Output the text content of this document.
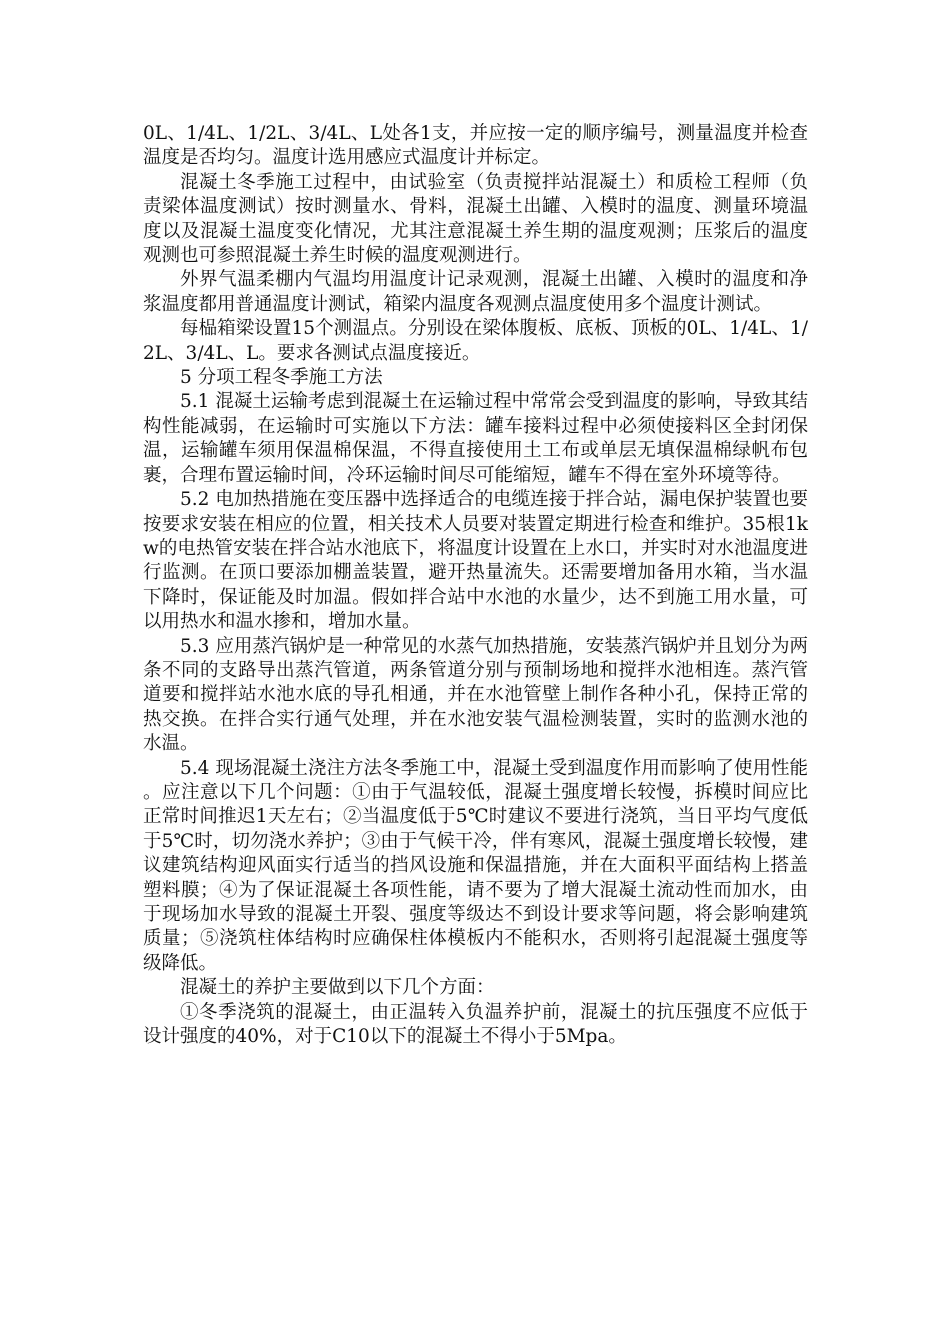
0L、1/4L、1/2L、3/4L、L处各1支，并应按一定的顺序编号，测量温度并检查温度是否均匀。温度计选用感应式温度计并标定。

混凝土冬季施工过程中，由试验室（负责搅拌站混凝土）和质检工程师（负责梁体温度测试）按时测量水、骨料，混凝土出罐、入模时的温度、测量环境温度以及混凝土温度变化情况，尤其注意混凝土养生期的温度观测；压浆后的温度观测也可参照混凝土养生时候的温度观测进行。

外界气温柔棚内气温均用温度计记录观测，混凝土出罐、入模时的温度和净浆温度都用普通温度计测试，箱梁内温度各观测点温度使用多个温度计测试。

每榀箱梁设置15个测温点。分别设在梁体腹板、底板、顶板的0L、1/4L、1/2L、3/4L、L。要求各测试点温度接近。

5 分项工程冬季施工方法

5.1 混凝土运输考虑到混凝土在运输过程中常常会受到温度的影响，导致其结构性能减弱，在运输时可实施以下方法：罐车接料过程中必须使接料区全封闭保温，运输罐车须用保温棉保温，不得直接使用土工布或单层无填保温棉绿帆布包裹，合理布置运输时间，冷环运输时间尽可能缩短，罐车不得在室外环境等待。

5.2 电加热措施在变压器中选择适合的电缆连接于拌合站，漏电保护装置也要按要求安装在相应的位置，相关技术人员要对装置定期进行检查和维护。35根1kw的电热管安装在拌合站水池底下，将温度计设置在上水口，并实时对水池温度进行监测。在顶口要添加棚盖装置，避开热量流失。还需要增加备用水箱，当水温下降时，保证能及时加温。假如拌合站中水池的水量少，达不到施工用水量，可以用热水和温水掺和，增加水量。

5.3 应用蒸汽锅炉是一种常见的水蒸气加热措施，安装蒸汽锅炉并且划分为两条不同的支路导出蒸汽管道，两条管道分别与预制场地和搅拌水池相连。蒸汽管道要和搅拌站水池水底的导孔相通，并在水池管壁上制作各种小孔，保持正常的热交换。在拌合实行通气处理，并在水池安装气温检测装置，实时的监测水池的水温。

5.4 现场混凝土浇注方法冬季施工中，混凝土受到温度作用而影响了使用性能。应注意以下几个问题：①由于气温较低，混凝土强度增长较慢，拆模时间应比正常时间推迟1天左右；②当温度低于5℃时建议不要进行浇筑，当日平均气度低于5℃时，切勿浇水养护；③由于气候干冷，伴有寒风，混凝土强度增长较慢，建议建筑结构迎风面实行适当的挡风设施和保温措施，并在大面积平面结构上搭盖塑料膜；④为了保证混凝土各项性能，请不要为了增大混凝土流动性而加水，由于现场加水导致的混凝土开裂、强度等级达不到设计要求等问题，将会影响建筑质量；⑤浇筑柱体结构时应确保柱体模板内不能积水，否则将引起混凝土强度等级降低。

混凝土的养护主要做到以下几个方面：

①冬季浇筑的混凝土，由正温转入负温养护前，混凝土的抗压强度不应低于设计强度的40%，对于C10以下的混凝土不得小于5Mpa。
